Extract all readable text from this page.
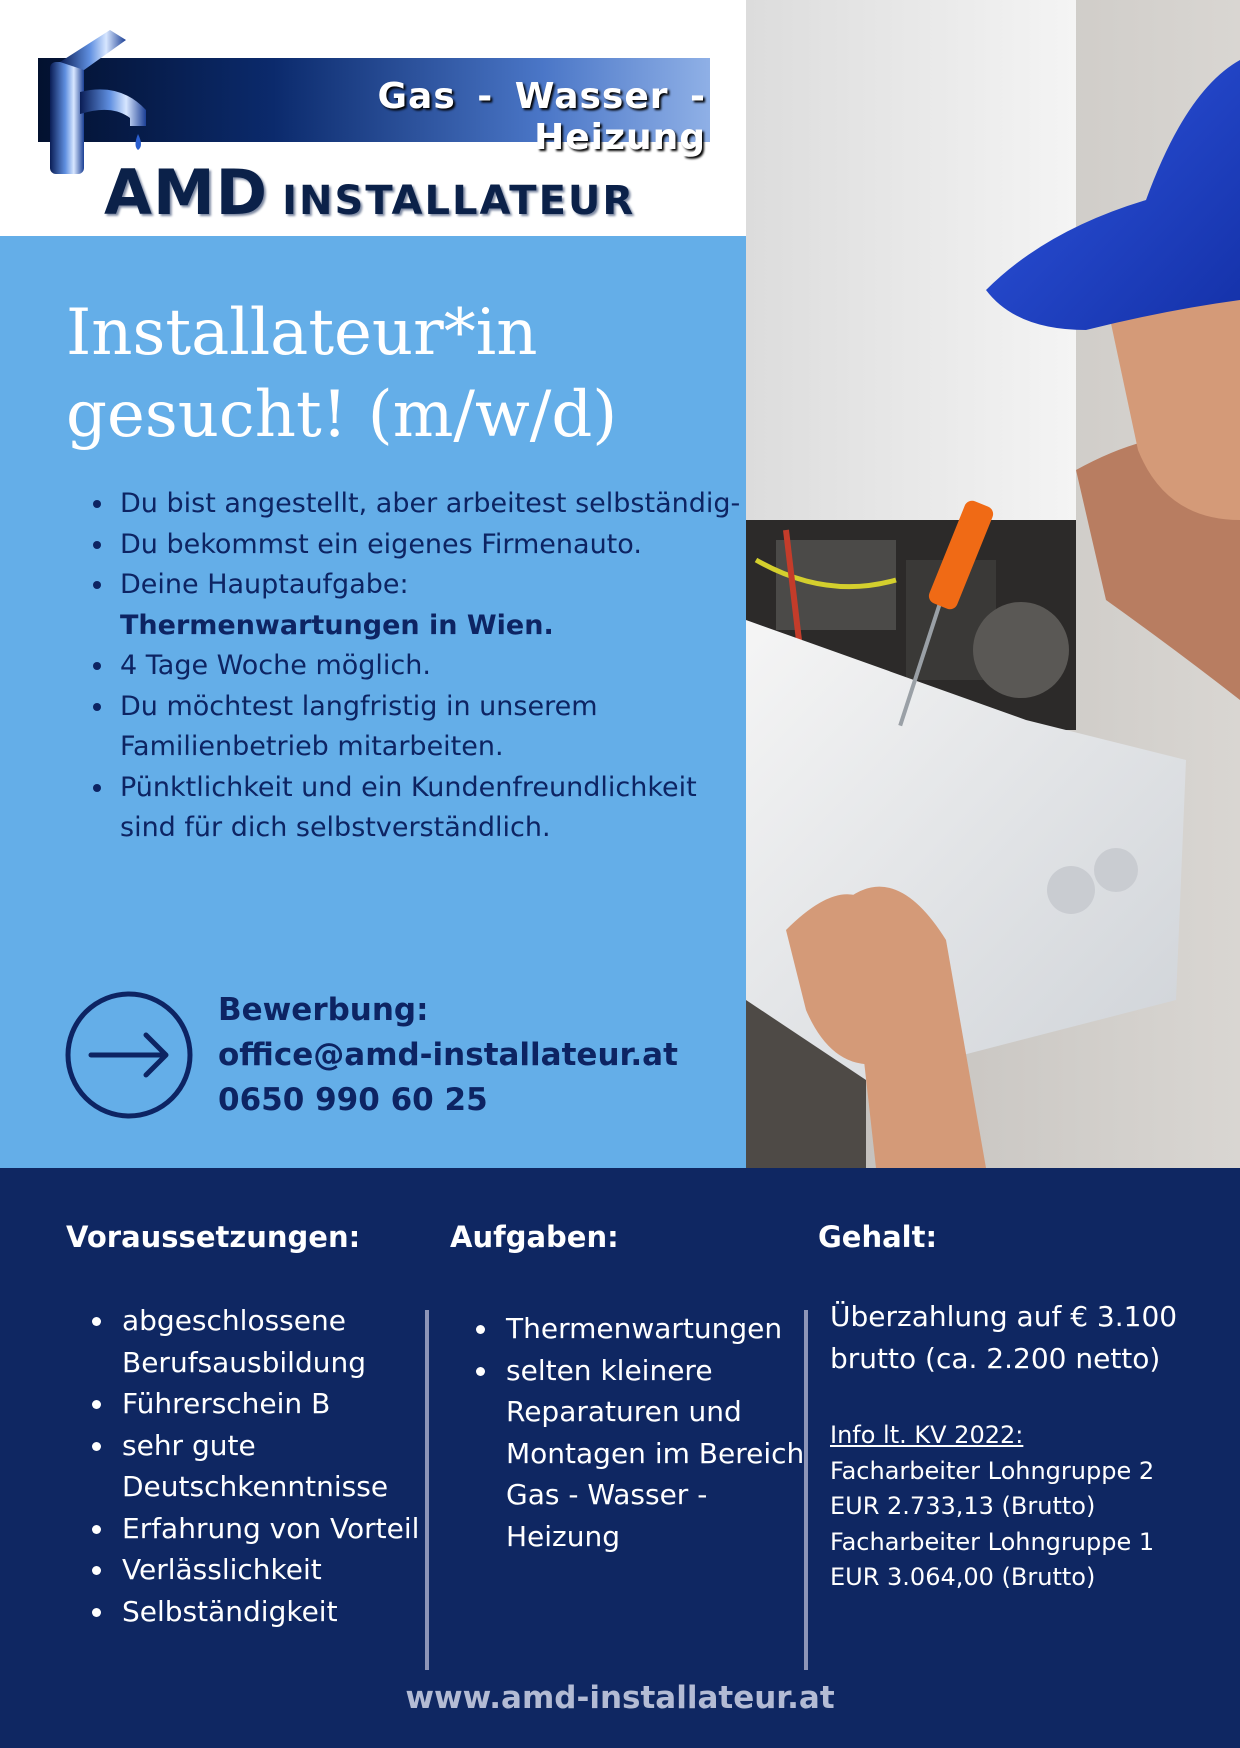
Gas - Wasser - Heizung
AMD INSTALLATEUR
Installateur*in
gesucht! (m/w/d)
• Du bist angestellt, aber arbeitest selbständig-
• Du bekommst ein eigenes Firmenauto.
• Deine Hauptaufgabe:
Thermenwartungen in Wien.
• 4 Tage Woche möglich.
• Du möchtest langfristig in unserem Familienbetrieb mitarbeiten.
• Pünktlichkeit und ein Kundenfreundlichkeit sind für dich selbstverständlich.
Bewerbung:
office@amd-installateur.at
0650 990 60 25
Voraussetzungen:
• abgeschlossene Berufsausbildung
• Führerschein B
• sehr gute Deutschkenntnisse
• Erfahrung von Vorteil
• Verlässlichkeit
• Selbständigkeit
Aufgaben:
• Thermenwartungen
• selten kleinere Reparaturen und Montagen im Bereich Gas - Wasser - Heizung
Gehalt:
Überzahlung auf € 3.100 brutto (ca. 2.200 netto)
Info lt. KV 2022:
Facharbeiter Lohngruppe 2
EUR 2.733,13 (Brutto)
Facharbeiter Lohngruppe 1
EUR 3.064,00 (Brutto)
www.amd-installateur.at
